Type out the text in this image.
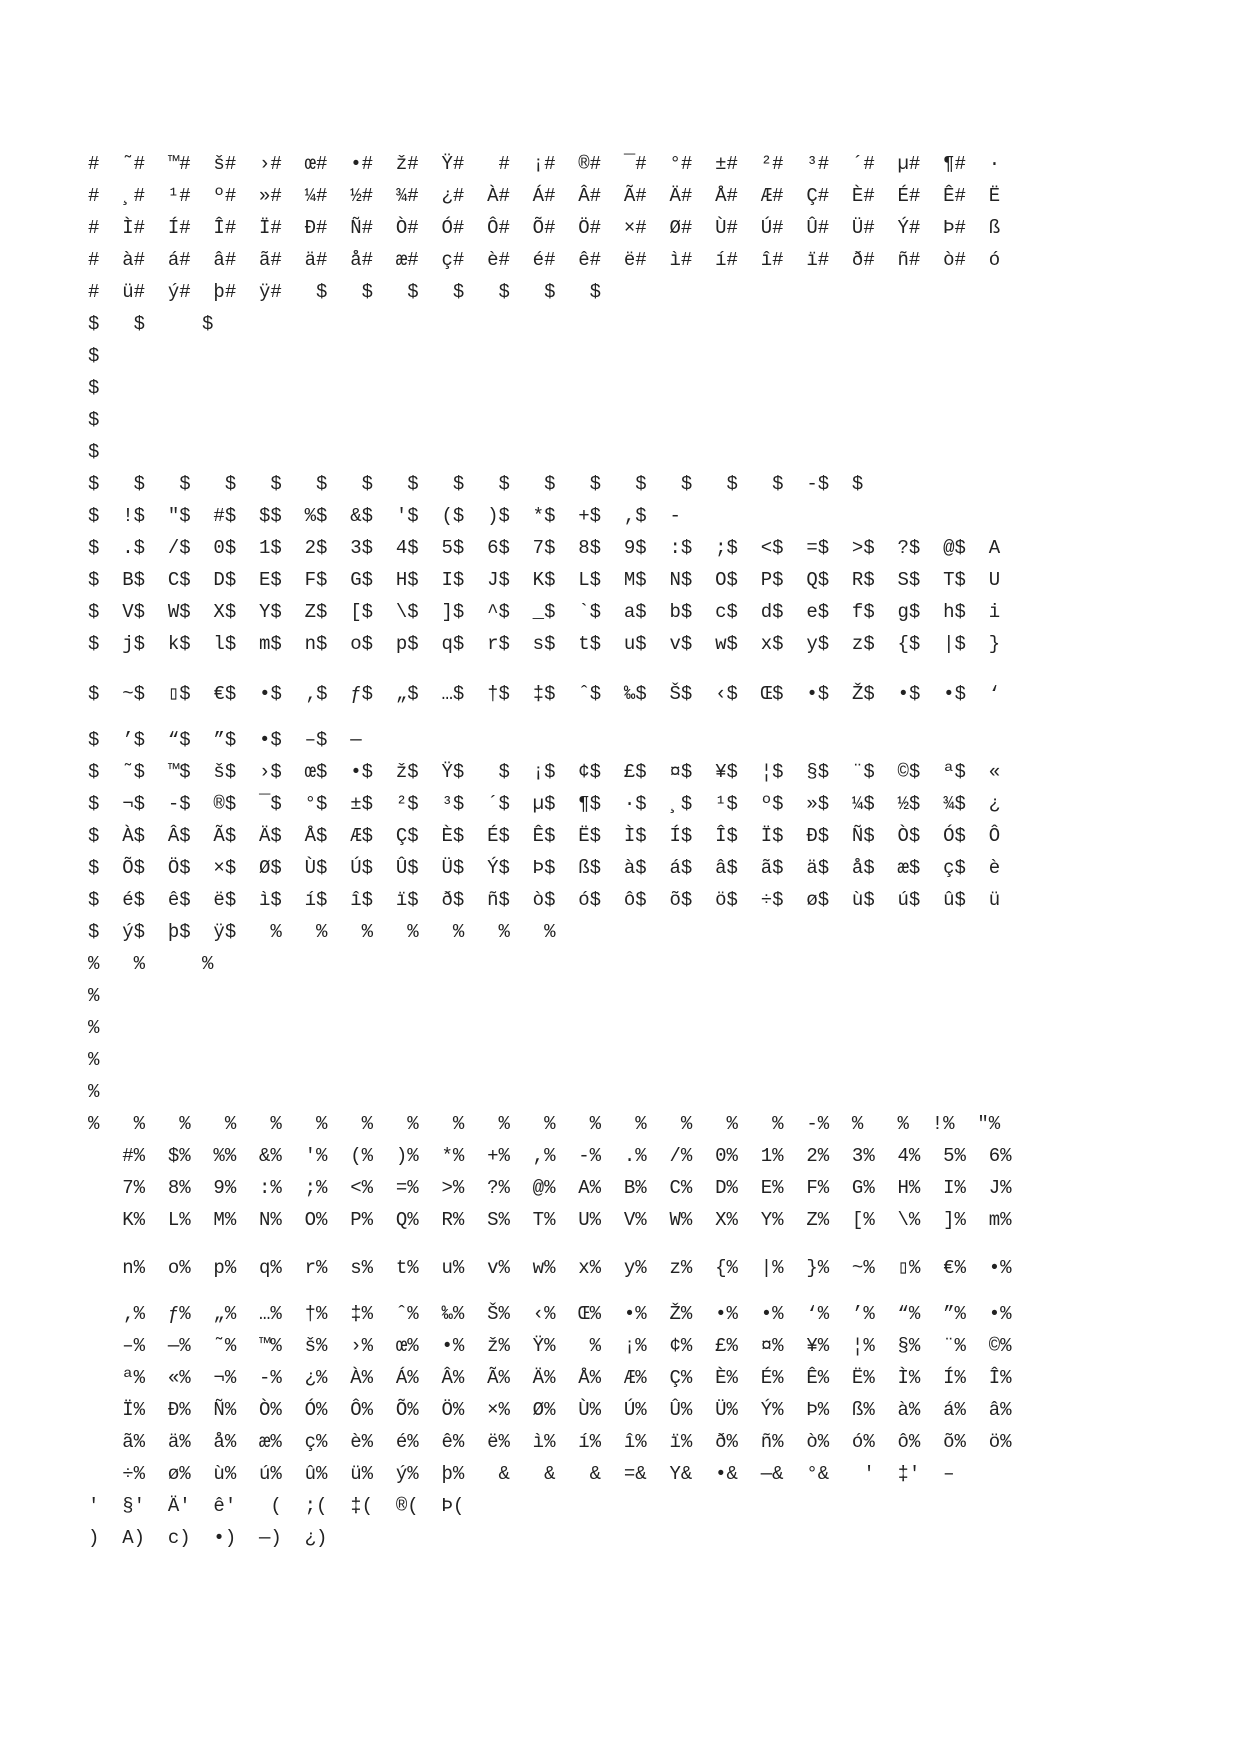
#  ˜#  ™#  š#  ›#  œ#  •#  ž#  Ÿ#   #  ¡#  ®#  ¯#  °#  ±#  ²#  ³#  ´#  µ#  ¶#  ·
#  ¸#  ¹#  º#  »#  ¼#  ½#  ¾#  ¿#  À#  Á#  Â#  Ã#  Ä#  Å#  Æ#  Ç#  È#  É#  Ê#  Ë
#  Ì#  Í#  Î#  Ï#  Ð#  Ñ#  Ò#  Ó#  Ô#  Õ#  Ö#  ×#  Ø#  Ù#  Ú#  Û#  Ü#  Ý#  Þ#  ß
#  à#  á#  â#  ã#  ä#  å#  æ#  ç#  è#  é#  ê#  ë#  ì#  í#  î#  ï#  ð#  ñ#  ò#  ó
#  ü#  ý#  þ#  ÿ#   $   $   $   $   $   $   $
$   $     $
$
$
$
$
$   $   $   $   $   $   $   $   $   $   $   $   $   $   $   $  -$  $
$  !$  "$  #$  $$  %$  &$  '$  ($  )$  *$  +$  ,$  -
$  .$  /$  0$  1$  2$  3$  4$  5$  6$  7$  8$  9$  :$  ;$  <$  =$  >$  ?$  @$  A
$  B$  C$  D$  E$  F$  G$  H$  I$  J$  K$  L$  M$  N$  O$  P$  Q$  R$  S$  T$  U
$  V$  W$  X$  Y$  Z$  [$  \$  ]$  ^$  _$  `$  a$  b$  c$  d$  e$  f$  g$  h$  i
$  j$  k$  l$  m$  n$  o$  p$  q$  r$  s$  t$  u$  v$  w$  x$  y$  z$  {$  |$  }
$  ~$  ▯$  €$  •$  ‚$  ƒ$  „$  …$  †$  ‡$  ˆ$  ‰$  Š$  ‹$  Œ$  •$  Ž$  •$  •$  ‘
$  ’$  “$  ”$  •$  –$  —
$  ˜$  ™$  š$  ›$  œ$  •$  ž$  Ÿ$   $  ¡$  ¢$  £$  ¤$  ¥$  ¦$  §$  ¨$  ©$  ª$  «
$  ¬$  -$  ®$  ¯$  °$  ±$  ²$  ³$  ´$  µ$  ¶$  ·$  ¸$  ¹$  º$  »$  ¼$  ½$  ¾$  ¿
$  À$  Â$  Ã$  Ä$  Å$  Æ$  Ç$  È$  É$  Ê$  Ë$  Ì$  Í$  Î$  Ï$  Ð$  Ñ$  Ò$  Ó$  Ô
$  Õ$  Ö$  ×$  Ø$  Ù$  Ú$  Û$  Ü$  Ý$  Þ$  ß$  à$  á$  â$  ã$  ä$  å$  æ$  ç$  è
$  é$  ê$  ë$  ì$  í$  î$  ï$  ð$  ñ$  ò$  ó$  ô$  õ$  ö$  ÷$  ø$  ù$  ú$  û$  ü
$  ý$  þ$  ÿ$   %   %   %   %   %   %   %
%   %     %
%
%
%
%
%   %   %   %   %   %   %   %   %   %   %   %   %   %   %   %  -%  %   %  !%  "%
#%  $%  %%  &%  '%  (%  )%  *%  +%  ,%  -%  .%  /%  0%  1%  2%  3%  4%  5%  6%
7%  8%  9%  :%  ;%  <%  =%  >%  ?%  @%  A%  B%  C%  D%  E%  F%  G%  H%  I%  J%
K%  L%  M%  N%  O%  P%  Q%  R%  S%  T%  U%  V%  W%  X%  Y%  Z%  [%  \%  ]%  m%
n%  o%  p%  q%  r%  s%  t%  u%  v%  w%  x%  y%  z%  {%  |%  }%  ~%  ▯%  €%  •%
‚%  ƒ%  „%  …%  †%  ‡%  ˆ%  ‰%  Š%  ‹%  Œ%  •%  Ž%  •%  •%  ‘%  ’%  “%  ”%  •%
–%  —%  ˜%  ™%  š%  ›%  œ%  •%  ž%  Ÿ%   %  ¡%  ¢%  £%  ¤%  ¥%  ¦%  §%  ¨%  ©%
ª%  «%  ¬%  -%  ¿%  À%  Á%  Â%  Ã%  Ä%  Å%  Æ%  Ç%  È%  É%  Ê%  Ë%  Ì%  Í%  Î%
Ï%  Ð%  Ñ%  Ò%  Ó%  Ô%  Õ%  Ö%  ×%  Ø%  Ù%  Ú%  Û%  Ü%  Ý%  Þ%  ß%  à%  á%  â%
ã%  ä%  å%  æ%  ç%  è%  é%  ê%  ë%  ì%  í%  î%  ï%  ð%  ñ%  ò%  ó%  ô%  õ%  ö%
÷%  ø%  ù%  ú%  û%  ü%  ý%  þ%   &   &   &  =&  Y&  •&  —&  °&   '  ‡'  –
'  §'  Ä'  ê'   (  ;(  ‡(  ®(  Þ(
)  A)  c)  •)  —)  ¿)
